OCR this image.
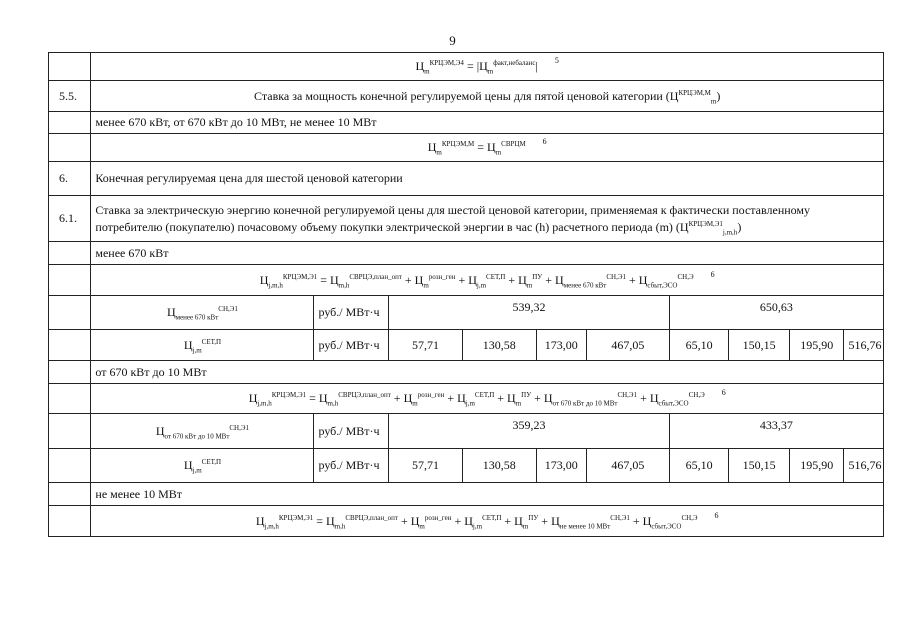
9
	$Ц_m^{КРЦЭМ,Э4} = |Ц_m^{факт,небаланс}|$ $^5$
5.5.	Ставка за мощность конечной регулируемой цены для пятой ценовой категории $(Ц^{КРЦЭМ,М}_m)$									
	менее 670 кВт, от 670 кВт до 10 МВт, не менее 10 МВт									
	$Ц_m^{КРЦЭМ,М} = Ц_m^{СВРЦМ}$ $^6$
6.	Конечная регулируемая цена для шестой ценовой категории									
6.1.	Ставка за электрическую энергию конечной регулируемой цены для шестой ценовой категории, применяемая к фактически поставленному потребителю (покупателю) почасовому объему покупки электрической энергии в час (h) расчетного периода (m) $(Ц^{КРЦЭМ,Э1}_{j,m,h})$									
	менее 670 кВт									
	$Ц_{j,m,h}^{КРЦЭМ,Э1} = Ц_{m,h}^{СВРЦЭ,план\_опт} + Ц_m^{розн\_ген} + Ц_{j,m}^{СЕТ,П} + Ц_m^{ПУ} + Ц_{менее 670 кВт}^{СН,Э1} + Ц_{сбыт,ЭСО}^{СН,Э}$ $^6$
	$Ц_{менее 670 кВт}^{СН,Э1}$	руб./ МВт·ч	539,32				650,63			
	$Ц_{j,m}^{СЕТ,П}$	руб./ МВт·ч	57,71	130,58	173,00	467,05	65,10	150,15	195,90	516,76
	от 670 кВт до 10 МВт									
	$Ц_{j,m,h}^{КРЦЭМ,Э1} = Ц_{m,h}^{СВРЦЭ,план\_опт} + Ц_m^{розн\_ген} + Ц_{j,m}^{СЕТ,П} + Ц_m^{ПУ} + Ц_{от 670 кВт до 10 МВт}^{СН,Э1} + Ц_{сбыт,ЭСО}^{СН,Э}$ $^6$
	$Ц_{от 670 кВт до 10 МВт}^{СН,Э1}$	руб./ МВт·ч	359,23				433,37			
	$Ц_{j,m}^{СЕТ,П}$	руб./ МВт·ч	57,71	130,58	173,00	467,05	65,10	150,15	195,90	516,76
	не менее 10 МВт									
	$Ц_{j,m,h}^{КРЦЭМ,Э1} = Ц_{m,h}^{СВРЦЭ,план\_опт} + Ц_m^{розн\_ген} + Ц_{j,m}^{СЕТ,П} + Ц_m^{ПУ} + Ц_{не менее 10 МВт}^{СН,Э1} + Ц_{сбыт,ЭСО}^{СН,Э}$ $^6$
